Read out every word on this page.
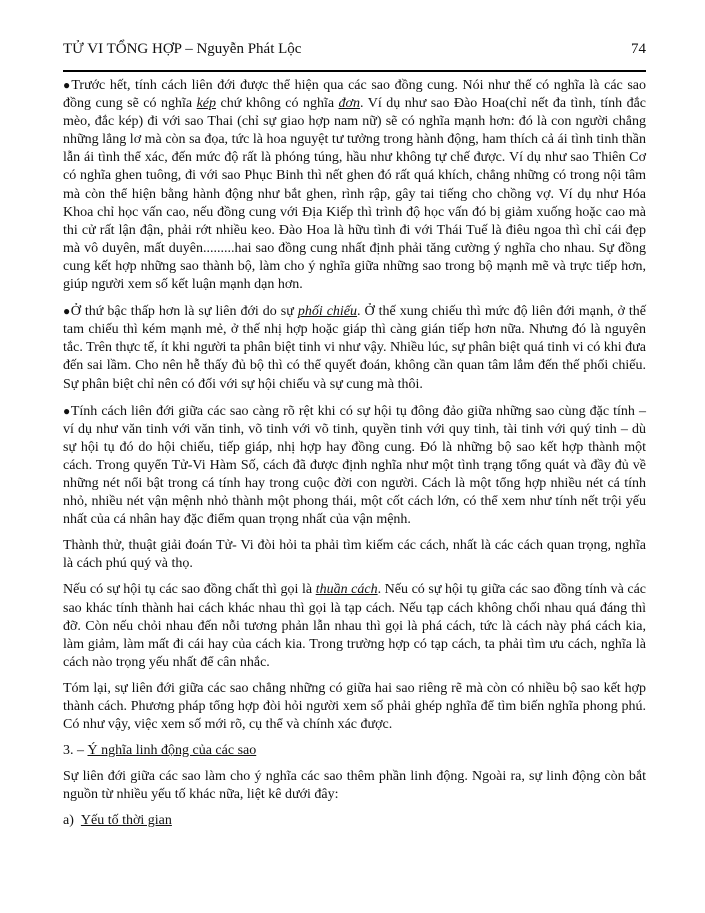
TỬ VI TỔNG HỢP – Nguyễn Phát Lộc	74

●Trước hết, tính cách liên đới được thể hiện qua các sao đồng cung. Nói như thế có nghĩa là các sao đồng cung sẽ có nghĩa kép chứ không có nghĩa đơn. Ví dụ như sao Đào Hoa(chỉ nết đa tình, tính đắc mèo, đắc kép) đi với sao Thai (chỉ sự giao hợp nam nữ) sẽ có nghĩa mạnh hơn: đó là con người chẳng những lẳng lơ mà còn sa đọa, tức là hoa nguyệt tư tưởng trong hành động, ham thích cả ái tình tinh thần lẫn ái tình thể xác, đến mức độ rất là phóng túng, hầu như không tự chế được. Ví dụ như sao Thiên Cơ có nghĩa ghen tuông, đi với sao Phục Binh thì nết ghen đó rất quá khích, chẳng những có trong nội tâm mà còn thể hiện bằng hành động như bắt ghen, rình rập, gây tai tiếng cho chồng vợ. Ví dụ như Hóa Khoa chỉ học vấn cao, nếu đồng cung với Địa Kiếp thì trình độ học vấn đó bị giảm xuống hoặc cao mà thi cử rất lận đận, phải rớt nhiều keo. Đào Hoa là hữu tình đi với Thái Tuế là điêu ngoa thì chỉ cái đẹp mà vô duyên, mất duyên.........hai sao đồng cung nhất định phải tăng cường ý nghĩa cho nhau. Sự đồng cung kết hợp những sao thành bộ, làm cho ý nghĩa giữa những sao trong bộ mạnh mẽ và trực tiếp hơn, giúp người xem số kết luận mạnh dạn hơn.

●Ở thứ bậc thấp hơn là sự liên đới do sự phối chiếu. Ở thế xung chiếu thì mức độ liên đới mạnh, ở thế tam chiếu thì kém mạnh mẻ, ở thế nhị hợp hoặc giáp thì càng gián tiếp hơn nữa. Nhưng đó là nguyên tắc. Trên thực tế, ít khi người ta phân biệt tinh vi như vậy. Nhiều lúc, sự phân biệt quá tinh vi có khi đưa đến sai lầm. Cho nên hễ thấy đủ bộ thì có thể quyết đoán, không cần quan tâm lắm đến thế phối chiếu. Sự phân biệt chỉ nên có đối với sự hội chiếu và sự cung mà thôi.

●Tính cách liên đới giữa các sao càng rõ rệt khi có sự hội tụ đông đảo giữa những sao cùng đặc tính – ví dụ như văn tinh với văn tinh, võ tinh với võ tinh, quyền tinh với quy tinh, tài tinh với quý tinh – dù sự hội tụ đó do hội chiếu, tiếp giáp, nhị hợp hay đồng cung. Đó là những bộ sao kết hợp thành một cách. Trong quyển Tử-Vi Hàm Số, cách đã được định nghĩa như một tình trạng tổng quát và đầy đủ về những nét nổi bật trong cá tính hay trong cuộc đời con người. Cách là một tổng hợp nhiều nét cá tính nhỏ, nhiều nét vận mệnh nhỏ thành một phong thái, một cốt cách lớn, có thể xem như tính nết trội yếu nhất của cá nhân hay đặc điểm quan trọng nhất của vận mệnh.

Thành thử, thuật giải đoán Tử- Vi đòi hỏi ta phải tìm kiếm các cách, nhất là các cách quan trọng, nghĩa là cách phú quý và thọ.

Nếu có sự hội tụ các sao đồng chất thì gọi là thuần cách. Nếu có sự hội tụ giữa các sao đồng tính và các sao khác tính thành hai cách khác nhau thì gọi là tạp cách. Nếu tạp cách không chối nhau quá đáng thì đỡ. Còn nếu chỏi nhau đến nỗi tương phản lẫn nhau thì gọi là phá cách, tức là cách này phá cách kia, làm giảm, làm mất đi cái hay của cách kia. Trong trường hợp có tạp cách, ta phải tìm ưu cách, nghĩa là cách nào trọng yếu nhất để cân nhắc.

Tóm lại, sự liên đới giữa các sao chẳng những có giữa hai sao riêng rẽ mà còn có nhiều bộ sao kết hợp thành cách. Phương pháp tổng hợp đòi hỏi người xem số phải ghép nghĩa để tìm biến nghĩa phong phú. Có như vậy, việc xem số mới rõ, cụ thể và chính xác được.

3. – Ý nghĩa linh động của các sao

Sự liên đới giữa các sao làm cho ý nghĩa các sao thêm phần linh động. Ngoài ra, sự linh động còn bắt nguồn từ nhiều yếu tố khác nữa, liệt kê dưới đây:

a)  Yếu tố thời gian
